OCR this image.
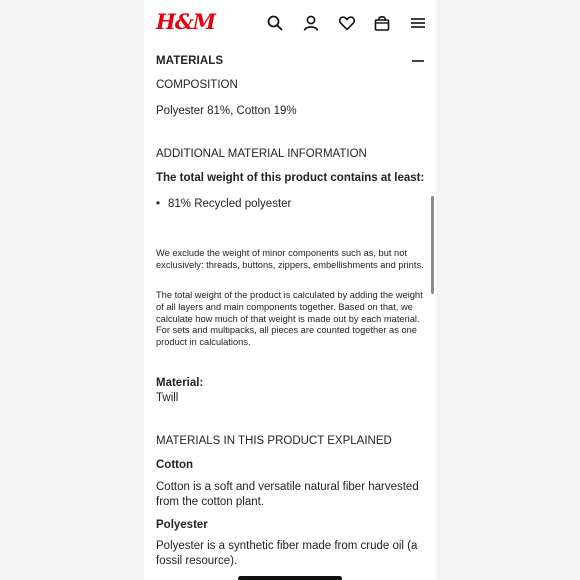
H&M
MATERIALS
COMPOSITION
Polyester 81%, Cotton 19%
ADDITIONAL MATERIAL INFORMATION
The total weight of this product contains at least:
• 81% Recycled polyester
We exclude the weight of minor components such as, but not exclusively: threads, buttons, zippers, embellishments and prints.
The total weight of the product is calculated by adding the weight of all layers and main components together. Based on that, we calculate how much of that weight is made out by each material. For sets and multipacks, all pieces are counted together as one product in calculations.
Material:
Twill
MATERIALS IN THIS PRODUCT EXPLAINED
Cotton
Cotton is a soft and versatile natural fiber harvested from the cotton plant.
Polyester
Polyester is a synthetic fiber made from crude oil (a fossil resource).
